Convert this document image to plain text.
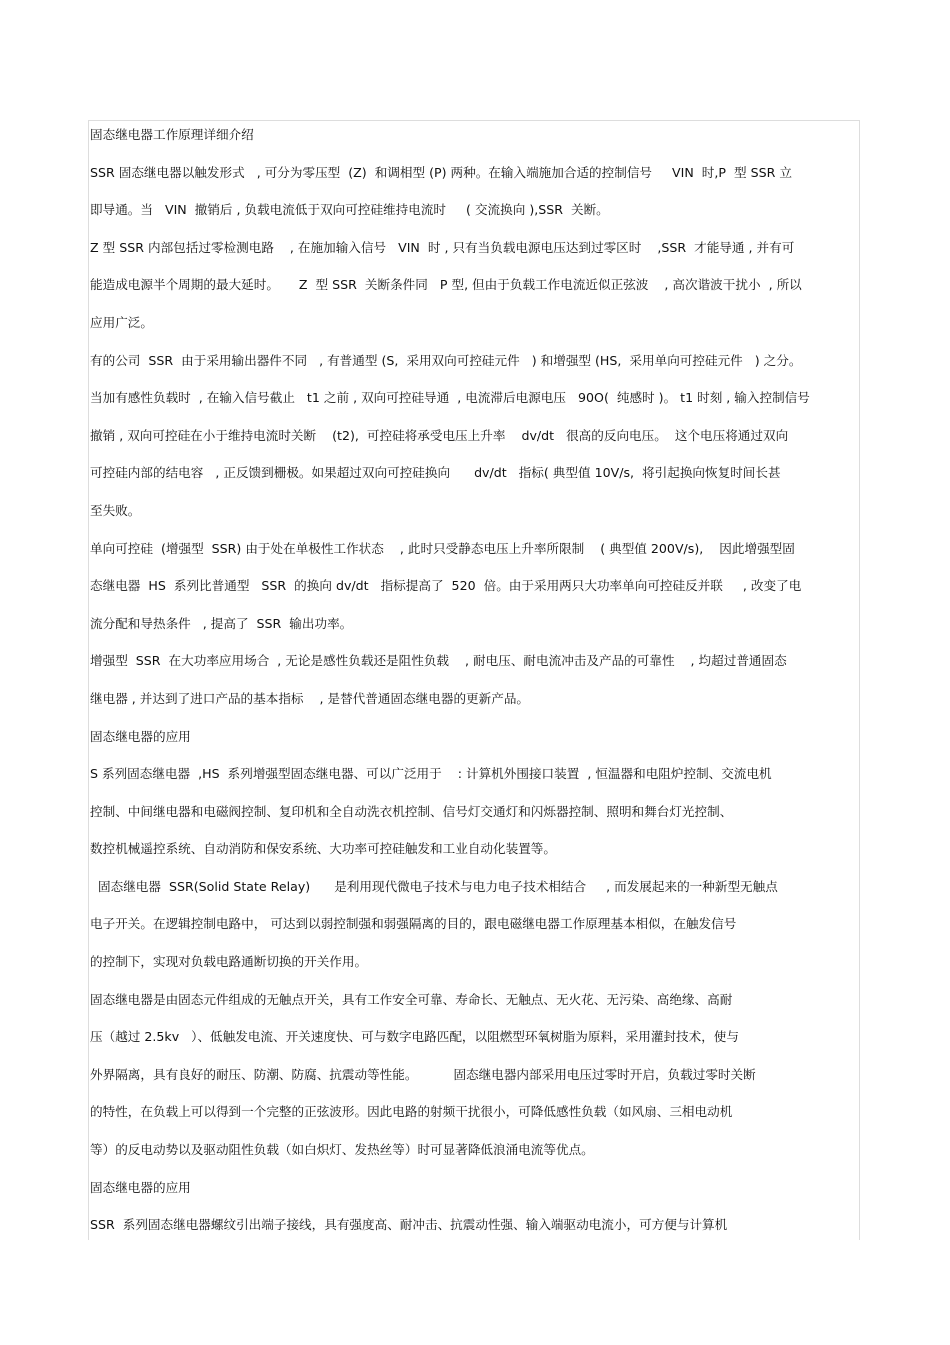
固态继电器工作原理详细介绍
SSR 固态继电器以触发形式   , 可分为零压型  (Z)  和调相型 (P) 两种。在输入端施加合适的控制信号     VIN  时,P  型 SSR 立
即导通。当   VIN  撤销后 , 负载电流低于双向可控硅维持电流时     ( 交流换向 ),SSR  关断。
Z 型 SSR 内部包括过零检测电路    , 在施加输入信号   VIN  时 , 只有当负载电源电压达到过零区时    ,SSR  才能导通 , 并有可
能造成电源半个周期的最大延时。     Z  型 SSR  关断条件同   P 型, 但由于负载工作电流近似正弦波    , 高次谐波干扰小  , 所以
应用广泛。
有的公司  SSR  由于采用输出器件不同   , 有普通型 (S,  采用双向可控硅元件   ) 和增强型 (HS,  采用单向可控硅元件   ) 之分。
当加有感性负载时  , 在输入信号截止   t1 之前 , 双向可控硅导通  , 电流滞后电源电压   90O(  纯感时 )。 t1 时刻 , 输入控制信号
撤销 , 双向可控硅在小于维持电流时关断    (t2),  可控硅将承受电压上升率    dv/dt   很高的反向电压。  这个电压将通过双向
可控硅内部的结电容   , 正反馈到栅极。如果超过双向可控硅换向      dv/dt   指标( 典型值 10V/s,  将引起换向恢复时间长甚
至失败。
单向可控硅  (增强型  SSR) 由于处在单极性工作状态    , 此时只受静态电压上升率所限制    ( 典型值 200V/s),    因此增强型固
态继电器  HS  系列比普通型   SSR  的换向 dv/dt   指标提高了  520  倍。由于采用两只大功率单向可控硅反并联     , 改变了电
流分配和导热条件   , 提高了  SSR  输出功率。
增强型  SSR  在大功率应用场合  , 无论是感性负载还是阻性负载    , 耐电压、耐电流冲击及产品的可靠性    , 均超过普通固态
继电器 , 并达到了进口产品的基本指标    , 是替代普通固态继电器的更新产品。
固态继电器的应用
S 系列固态继电器  ,HS  系列增强型固态继电器、可以广泛用于    : 计算机外围接口装置  , 恒温器和电阻炉控制、交流电机
控制、中间继电器和电磁阀控制、复印机和全自动洗衣机控制、信号灯交通灯和闪烁器控制、照明和舞台灯光控制、
数控机械遥控系统、自动消防和保安系统、大功率可控硅触发和工业自动化装置等。
固态继电器  SSR(Solid State Relay)      是利用现代微电子技术与电力电子技术相结合     , 而发展起来的一种新型无触点
电子开关。在逻辑控制电路中， 可达到以弱控制强和弱强隔离的目的，跟电磁继电器工作原理基本相似，在触发信号
的控制下，实现对负载电路通断切换的开关作用。
固态继电器是由固态元件组成的无触点开关，具有工作安全可靠、寿命长、无触点、无火花、无污染、高绝缘、高耐
压（越过 2.5kv   ）、低触发电流、开关速度快、可与数字电路匹配，以阻燃型环氧树脂为原料，采用灌封技术，使与
外界隔离，具有良好的耐压、防潮、防腐、抗震动等性能。         固态继电器内部采用电压过零时开启，负载过零时关断
的特性，在负载上可以得到一个完整的正弦波形。因此电路的射频干扰很小，可降低感性负载（如风扇、三相电动机
等）的反电动势以及驱动阻性负载（如白炽灯、发热丝等）时可显著降低浪涌电流等优点。
固态继电器的应用
SSR  系列固态继电器螺纹引出端子接线，具有强度高、耐冲击、抗震动性强、输入端驱动电流小，可方便与计算机
